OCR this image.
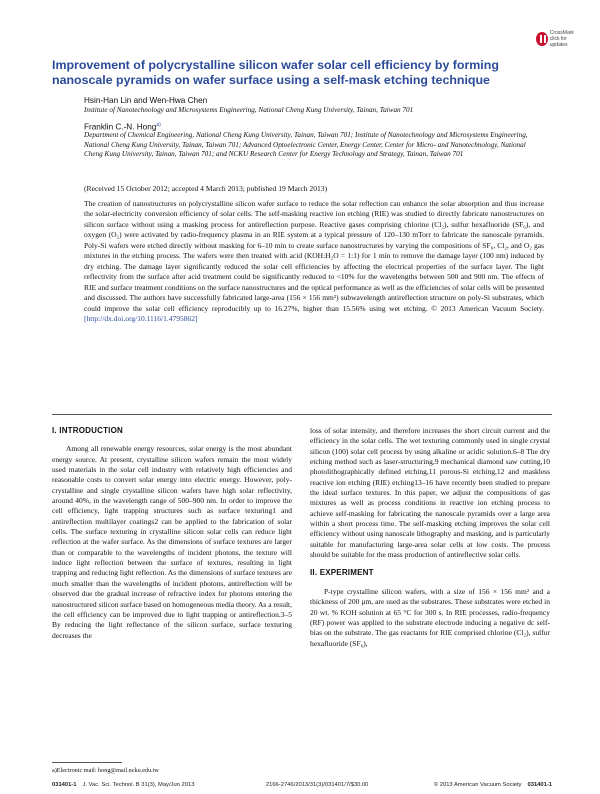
CrossMark
click for updates
Improvement of polycrystalline silicon wafer solar cell efficiency by forming nanoscale pyramids on wafer surface using a self-mask etching technique
Hsin-Han Lin and Wen-Hwa Chen
Institute of Nanotechnology and Microsystems Engineering, National Cheng Kung University, Tainan, Taiwan 701
Franklin C.-N. Hong$^{a)}$
Department of Chemical Engineering, National Cheng Kung University, Tainan, Taiwan 701; Institute of Nanotechnology and Microsystems Engineering, National Cheng Kung University, Tainan, Taiwan 701; Advanced Optoelectronic Center, Energy Center, Center for Micro- and Nanotechnology, National Cheng Kung University, Tainan, Taiwan 701; and NCKU Research Center for Energy Technology and Strategy, Tainan, Taiwan 701
(Received 15 October 2012; accepted 4 March 2013; published 19 March 2013)

The creation of nanostructures on polycrystalline silicon wafer surface to reduce the solar reflection can enhance the solar absorption and thus increase the solar-electricity conversion efficiency of solar cells. The self-masking reactive ion etching (RIE) was studied to directly fabricate nanostructures on silicon surface without using a masking process for antireflection purpose. Reactive gases comprising chlorine (Cl₂), sulfur hexafluoride (SF₆), and oxygen (O₂) were activated by radio-frequency plasma in an RIE system at a typical pressure of 120–130 mTorr to fabricate the nanoscale pyramids. Poly-Si wafers were etched directly without masking for 6–10 min to create surface nanostructures by varying the compositions of SF₆, Cl₂, and O₂ gas mixtures in the etching process. The wafers were then treated with acid (KOH:H₂O = 1:1) for 1 min to remove the damage layer (100 nm) induced by dry etching. The damage layer significantly reduced the solar cell efficiencies by affecting the electrical properties of the surface layer. The light reflectivity from the surface after acid treatment could be significantly reduced to <10% for the wavelengths between 500 and 900 nm. The effects of RIE and surface treatment conditions on the surface nanostructures and the optical performance as well as the efficiencies of solar cells will be presented and discussed. The authors have successfully fabricated large-area (156 × 156 mm²) subwavelength antireflection structure on poly-Si substrates, which could improve the solar cell efficiency reproducibly up to 16.27%, higher than 15.56% using wet etching. © 2013 American Vacuum Society. [http://dx.doi.org/10.1116/1.4795862]

I. INTRODUCTION

Among all renewable energy resources, solar energy is the most abundant energy source. At present, crystalline silicon wafers remain the most widely used materials in the solar cell industry with relatively high efficiencies and reasonable costs to convert solar energy into electric energy. However, poly-crystalline and single crystalline silicon wafers have high solar reflectivity, around 40%, in the wavelength range of 500–900 nm. In order to improve the cell efficiency, light trapping structures such as surface texturing1 and antireflection multilayer coatings2 can be applied to the fabrication of solar cells. The surface texturing in crystalline silicon solar cells can reduce light reflection at the wafer surface. As the dimensions of surface textures are larger than or comparable to the wavelengths of incident photons, the texture will induce light reflection between the surface of textures, resulting in light trapping and reducing light reflection. As the dimensions of surface textures are much smaller than the wavelengths of incident photons, antireflection will be observed due the gradual increase of refractive index for photons entering the nanostructured silicon surface based on homogeneous media theory. As a result, the cell efficiency can be improved due to light trapping or antireflection.3–5 By reducing the light reflectance of the silicon surface, surface texturing decreases the

loss of solar intensity, and therefore increases the short circuit current and the efficiency in the solar cells. The wet texturing commonly used in single crystal silicon (100) solar cell process by using alkaline or acidic solution.6–8 The dry etching method such as laser-structuring,9 mechanical diamond saw cutting,10 photolithographically defined etching,11 porous-Si etching,12 and maskless reactive ion etching (RIE) etching13–16 have recently been studied to prepare the ideal surface textures. In this paper, we adjust the compositions of gas mixtures as well as process conditions in reactive ion etching process to achieve self-masking for fabricating the nanoscale pyramids over a large area within a short process time. The self-masking etching improves the solar cell efficiency without using nanoscale lithography and masking, and is particularly suitable for manufacturing large-area solar cells at low costs. The process should be suitable for the mass production of antireflective solar cells.

II. EXPERIMENT

P-type crystalline silicon wafers, with a size of 156 × 156 mm² and a thickness of 200 μm, are used as the substrates. These substrates were etched in 20 wt. % KOH solution at 65 °C for 300 s. In RIE processes, radio-frequency (RF) power was applied to the substrate electrode inducing a negative dc self-bias on the substrate. The gas reactants for RIE comprised chlorine (Cl₂), sulfur hexafluoride (SF₆),

a)Electronic mail: hong@mail.ncku.edu.tw
031401-1 J. Vac. Sci. Technol. B 31(3), May/Jun 2013	2166-2746/2013/31(3)/031401/7/$30.00	© 2013 American Vacuum Society 031401-1
